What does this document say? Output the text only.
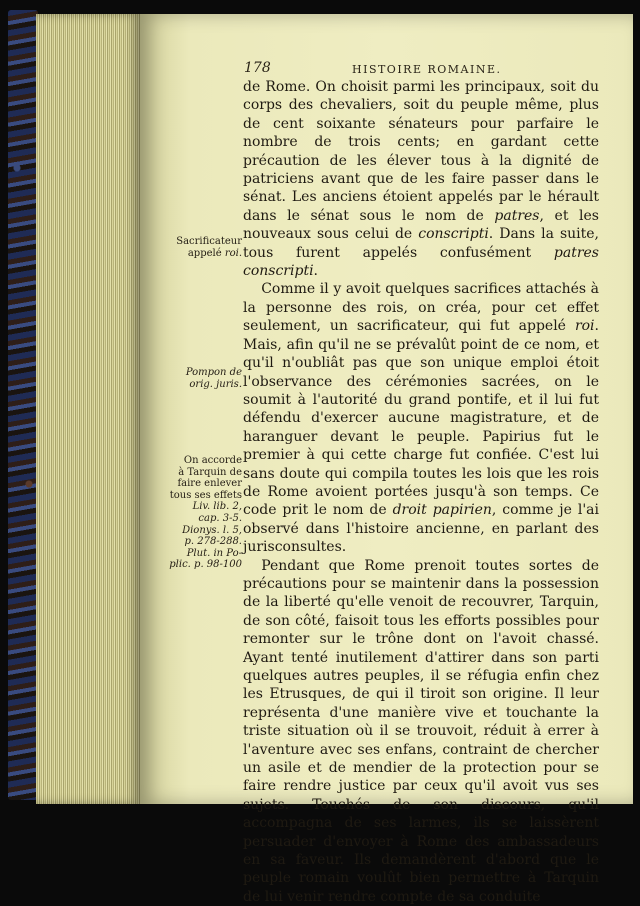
178	HISTOIRE ROMAINE.

de Rome. On choisit parmi les principaux, soit du corps des chevaliers, soit du peuple même, plus de cent soixante sénateurs pour parfaire le nombre de trois cents; en gardant cette précaution de les élever tous à la dignité de patriciens avant que de les faire passer dans le sénat. Les anciens étoient appelés par le hérault dans le sénat sous le nom de patres, et les nouveaux sous celui de conscripti. Dans la suite, tous furent appelés confusément patres conscripti.

Comme il y avoit quelques sacrifices attachés à la personne des rois, on créa, pour cet effet seulement, un sacrificateur, qui fut appelé roi. Mais, afin qu'il ne se prévalût point de ce nom, et qu'il n'oubliât pas que son unique emploi étoit l'observance des cérémonies sacrées, on le soumit à l'autorité du grand pontife, et il lui fut défendu d'exercer aucune magistrature, et de haranguer devant le peuple. Papirius fut le premier à qui cette charge fut confiée. C'est lui sans doute qui compila toutes les lois que les rois de Rome avoient portées jusqu'à son temps. Ce code prit le nom de droit papirien, comme je l'ai observé dans l'histoire ancienne, en parlant des jurisconsultes.

Pendant que Rome prenoit toutes sortes de précautions pour se maintenir dans la possession de la liberté qu'elle venoit de recouvrer, Tarquin, de son côté, faisoit tous les efforts possibles pour remonter sur le trône dont on l'avoit chassé. Ayant tenté inutilement d'attirer dans son parti quelques autres peuples, il se réfugia enfin chez les Etrusques, de qui il tiroit son origine. Il leur représenta d'une manière vive et touchante la triste situation où il se trouvoit, réduit à errer à l'aventure avec ses enfans, contraint de chercher un asile et de mendier de la protection pour se faire rendre justice par ceux qu'il avoit vus ses sujets. Touchés de son discours, qu'il accompagna de ses larmes, ils se laissèrent persuader d'envoyer à Rome des ambassadeurs en sa faveur. Ils demandèrent d'abord que le peuple romain voulût bien permettre à Tarquin de lui venir rendre compte de sa conduite

Sacrificateur
appelé roi.
Pompon de
orig. juris.
On accorde
à Tarquin de
faire enlever
tous ses effets
Liv. lib. 2,
cap. 3-5.
Dionys. l. 5,
p. 278-288.
Plut. in Po-
plic. p. 98-100
